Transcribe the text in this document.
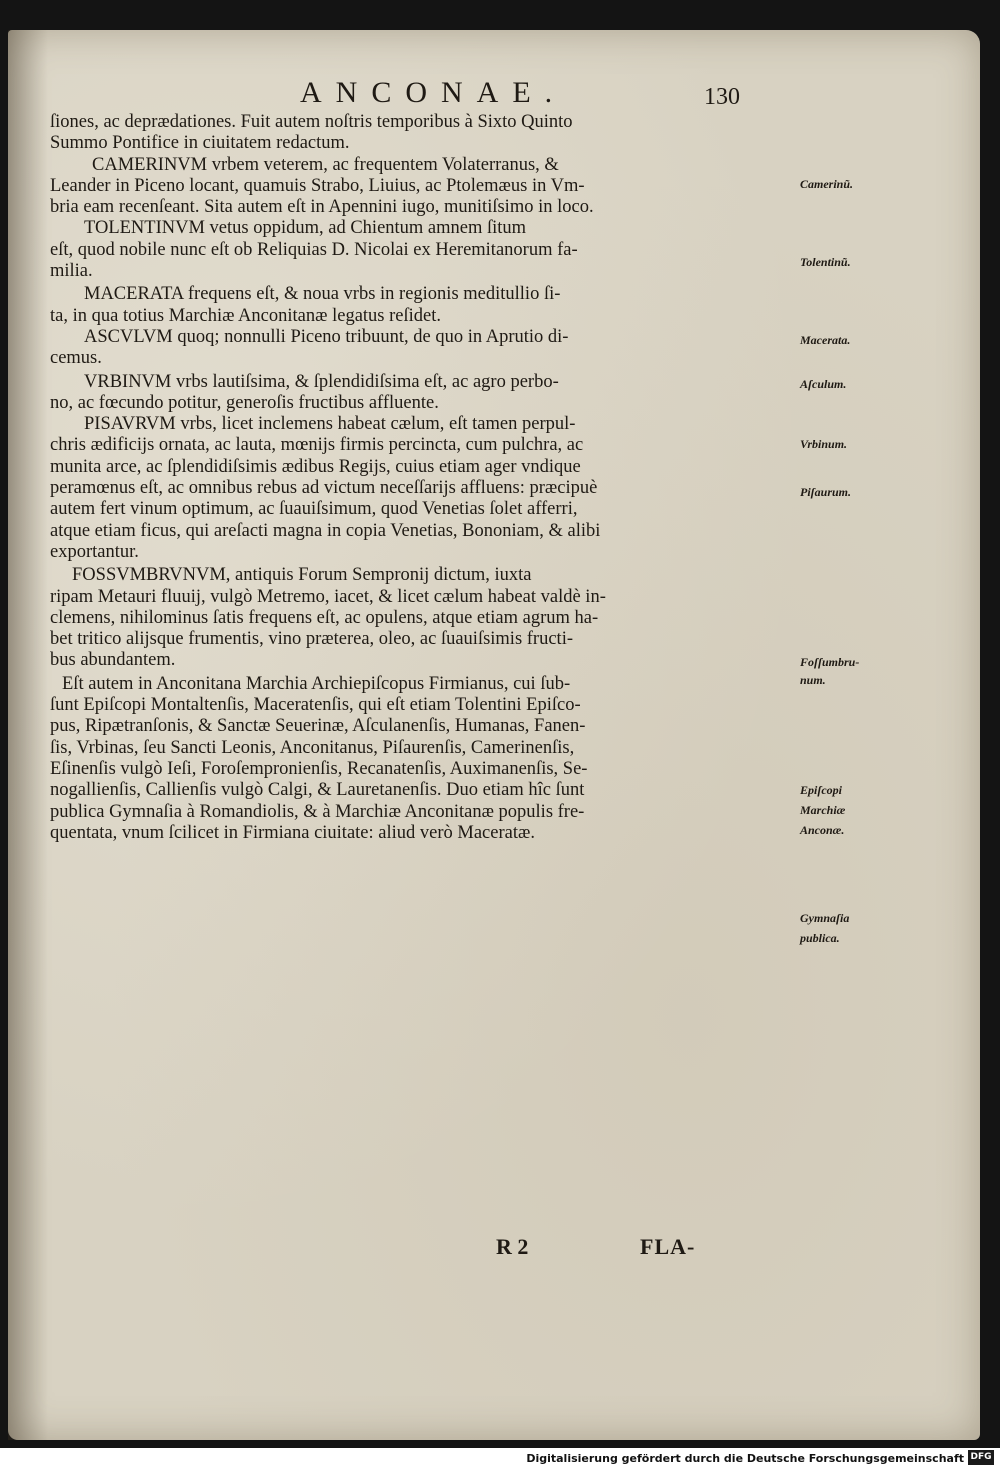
ANCONAE.	130
ſiones, ac deprædationes. Fuit autem noſtris temporibus à Sixto Quinto
Summo Pontifice in ciuitatem redactum.
CAMERINVM vrbem veterem, ac frequentem Volaterranus, &
Leander in Piceno locant, quamuis Strabo, Liuius, ac Ptolemæus in Vm-
bria eam recenſeant. Sita autem eſt in Apennini iugo, munitiſsimo in loco.
TOLENTINVM vetus oppidum, ad Chientum amnem ſitum
eſt, quod nobile nunc eſt ob Reliquias D. Nicolai ex Heremitanorum fa-
milia.
MACERATA frequens eſt, & noua vrbs in regionis meditullio ſi-
ta, in qua totius Marchiæ Anconitanæ legatus reſidet.
ASCVLVM quoq; nonnulli Piceno tribuunt, de quo in Aprutio di-
cemus.
VRBINVM vrbs lautiſsima, & ſplendidiſsima eſt, ac agro perbo-
no, ac fœcundo potitur, generoſis fructibus affluente.
PISAVRVM vrbs, licet inclemens habeat cælum, eſt tamen perpul-
chris ædificijs ornata, ac lauta, mœnijs firmis percincta, cum pulchra, ac
munita arce, ac ſplendidiſsimis ædibus Regijs, cuius etiam ager vndique
peramœnus eſt, ac omnibus rebus ad victum neceſſarijs affluens: præcipuè
autem fert vinum optimum, ac ſuauiſsimum, quod Venetias ſolet afferri,
atque etiam ficus, qui areſacti magna in copia Venetias, Bononiam, & alibi
exportantur.
FOSSVMBRVNVM, antiquis Forum Sempronij dictum, iuxta
ripam Metauri fluuij, vulgò Metremo, iacet, & licet cælum habeat valdè in-
clemens, nihilominus ſatis frequens eſt, ac opulens, atque etiam agrum ha-
bet tritico alijsque frumentis, vino præterea, oleo, ac ſuauiſsimis fructi-
bus abundantem.
Eſt autem in Anconitana Marchia Archiepiſcopus Firmianus, cui ſub-
ſunt Epiſcopi Montaltenſis, Maceratenſis, qui eſt etiam Tolentini Epiſco-
pus, Ripætranſonis, & Sanctæ Seuerinæ, Aſculanenſis, Humanas, Fanen-
ſis, Vrbinas, ſeu Sancti Leonis, Anconitanus, Piſaurenſis, Camerinenſis,
Eſinenſis vulgò Ieſi, Foroſempronienſis, Recanatenſis, Auximanenſis, Se-
nogallienſis, Callienſis vulgò Calgi, & Lauretanenſis. Duo etiam hîc ſunt
publica Gymnaſia à Romandiolis, & à Marchiæ Anconitanæ populis fre-
quentata, vnum ſcilicet in Firmiana ciuitate: aliud verò Maceratæ.
Camerinũ.
Tolentinũ.
Macerata.
Aſculum.
Vrbinum.
Piſaurum.
Foſſumbru-
num.
Epiſcopi
Marchiæ
Anconæ.
Gymnaſia
publica.
R 2	FLA-
Digitalisierung gefördert durch die Deutsche Forschungsgemeinschaft DFG
